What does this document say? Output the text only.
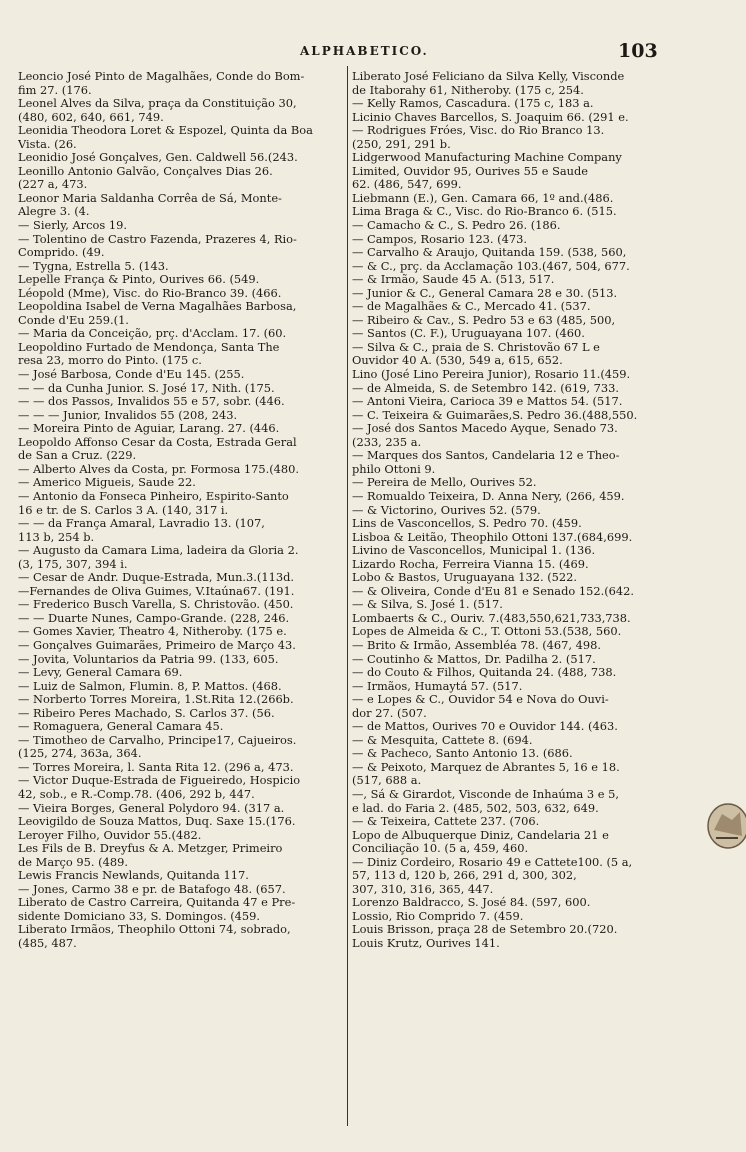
ALPHABETICO.	103
Leoncio José Pinto de Magalhães, Conde do Bom-
fim 27. (176.
Leonel Alves da Silva, praça da Constituição 30,
(480, 602, 640, 661, 749.
Leonidia Theodora Loret & Espozel, Quinta da Boa
Vista. (26.
Leonidio José Gonçalves, Gen. Caldwell 56.(243.
Leonillo Antonio Galvão, Conçalves Dias 26.
(227 a, 473.
Leonor Maria Saldanha Corrêa de Sá, Monte-
Alegre 3. (4.
— Sierly, Arcos 19.
— Tolentino de Castro Fazenda, Prazeres 4, Rio-
Comprido. (49.
— Tygna, Estrella 5. (143.
Lepelle França & Pinto, Ourives 66. (549.
Léopold (Mme), Visc. do Rio-Branco 39. (466.
Leopoldina Isabel de Verna Magalhães Barbosa,
Conde d'Eu 259.(1.
— Maria da Conceição, prç. d'Acclam. 17. (60.
Leopoldino Furtado de Mendonça, Santa The
resa 23, morro do Pinto. (175 c.
— José Barbosa, Conde d'Eu 145. (255.
— — da Cunha Junior. S. José 17, Nith. (175.
— — dos Passos, Invalidos 55 e 57, sobr. (446.
— — — Junior, Invalidos 55 (208, 243.
— Moreira Pinto de Aguiar, Larang. 27. (446.
Leopoldo Affonso Cesar da Costa, Estrada Geral
de San a Cruz. (229.
— Alberto Alves da Costa, pr. Formosa 175.(480.
— Americo Migueis, Saude 22.
— Antonio da Fonseca Pinheiro, Espirito-Santo
16 e tr. de S. Carlos 3 A. (140, 317 i.
— — da França Amaral, Lavradio 13. (107,
113 b, 254 b.
— Augusto da Camara Lima, ladeira da Gloria 2.
(3, 175, 307, 394 i.
— Cesar de Andr. Duque-Estrada, Mun.3.(113d.
—Fernandes de Oliva Guimes, V.Itaúna67. (191.
— Frederico Busch Varella, S. Christovão. (450.
— — Duarte Nunes, Campo-Grande. (228, 246.
— Gomes Xavier, Theatro 4, Nitheroby. (175 e.
— Gonçalves Guimarães, Primeiro de Março 43.
— Jovita, Voluntarios da Patria 99. (133, 605.
— Levy, General Camara 69.
— Luiz de Salmon, Flumin. 8, P. Mattos. (468.
— Norberto Torres Moreira, 1.St.Rita 12.(266b.
— Ribeiro Peres Machado, S. Carlos 37. (56.
— Romaguera, General Camara 45.
— Timotheo de Carvalho, Principe17, Cajueiros.
(125, 274, 363a, 364.
— Torres Moreira, l. Santa Rita 12. (296 a, 473.
— Victor Duque-Estrada de Figueiredo, Hospicio
42, sob., e R.-Comp.78. (406, 292 b, 447.
— Vieira Borges, General Polydoro 94. (317 a.
Leovigildo de Souza Mattos, Duq. Saxe 15.(176.
Leroyer Filho, Ouvidor 55.(482.
Les Fils de B. Dreyfus & A. Metzger, Primeiro
de Março 95. (489.
Lewis Francis Newlands, Quitanda 117.
— Jones, Carmo 38 e pr. de Batafogo 48. (657.
Liberato de Castro Carreira, Quitanda 47 e Pre-
sidente Domiciano 33, S. Domingos. (459.
Liberato Irmãos, Theophilo Ottoni 74, sobrado,
(485, 487.
Liberato José Feliciano da Silva Kelly, Visconde
de Itaborahy 61, Nitheroby. (175 c, 254.
— Kelly Ramos, Cascadura. (175 c, 183 a.
Licinio Chaves Barcellos, S. Joaquim 66. (291 e.
— Rodrigues Fróes, Visc. do Rio Branco 13.
(250, 291, 291 b.
Lidgerwood Manufacturing Machine Company
Limited, Ouvidor 95, Ourives 55 e Saude
62. (486, 547, 699.
Liebmann (E.), Gen. Camara 66, 1º and.(486.
Lima Braga & C., Visc. do Rio-Branco 6. (515.
— Camacho & C., S. Pedro 26. (186.
— Campos, Rosario 123. (473.
— Carvalho & Araujo, Quitanda 159. (538, 560,
— & C., prç. da Acclamação 103.(467, 504, 677.
— & Irmão, Saude 45 A. (513, 517.
— Junior & C., General Camara 28 e 30. (513.
— de Magalhães & C., Mercado 41. (537.
— Ribeiro & Cav., S. Pedro 53 e 63 (485, 500,
— Santos (C. F.), Uruguayana 107. (460.
— Silva & C., praia de S. Christovão 67 L e
Ouvidor 40 A. (530, 549 a, 615, 652.
Lino (José Lino Pereira Junior), Rosario 11.(459.
— de Almeida, S. de Setembro 142. (619, 733.
— Antoni Vieira, Carioca 39 e Mattos 54. (517.
— C. Teixeira & Guimarães,S. Pedro 36.(488,550.
— José dos Santos Macedo Ayque, Senado 73.
(233, 235 a.
— Marques dos Santos, Candelaria 12 e Theo-
philo Ottoni 9.
— Pereira de Mello, Ourives 52.
— Romualdo Teixeira, D. Anna Nery, (266, 459.
— & Victorino, Ourives 52. (579.
Lins de Vasconcellos, S. Pedro 70. (459.
Lisboa & Leitão, Theophilo Ottoni 137.(684,699.
Livino de Vasconcellos, Municipal 1. (136.
Lizardo Rocha, Ferreira Vianna 15. (469.
Lobo & Bastos, Uruguayana 132. (522.
— & Oliveira, Conde d'Eu 81 e Senado 152.(642.
— & Silva, S. José 1. (517.
Lombaerts & C., Ouriv. 7.(483,550,621,733,738.
Lopes de Almeida & C., T. Ottoni 53.(538, 560.
— Brito & Irmão, Assembléa 78. (467, 498.
— Coutinho & Mattos, Dr. Padilha 2. (517.
— do Couto & Filhos, Quitanda 24. (488, 738.
— Irmãos, Humaytá 57. (517.
— e Lopes & C., Ouvidor 54 e Nova do Ouvi-
dor 27. (507.
— de Mattos, Ourives 70 e Ouvidor 144. (463.
— & Mesquita, Cattete 8. (694.
— & Pacheco, Santo Antonio 13. (686.
— & Peixoto, Marquez de Abrantes 5, 16 e 18.
(517, 688 a.
—, Sá & Girardot, Visconde de Inhaúma 3 e 5,
e lad. do Faria 2. (485, 502, 503, 632, 649.
— & Teixeira, Cattete 237. (706.
Lopo de Albuquerque Diniz, Candelaria 21 e
Conciliação 10. (5 a, 459, 460.
— Diniz Cordeiro, Rosario 49 e Cattete100. (5 a,
57, 113 d, 120 b, 266, 291 d, 300, 302,
307, 310, 316, 365, 447.
Lorenzo Baldracco, S. José 84. (597, 600.
Lossio, Rio Comprido 7. (459.
Louis Brisson, praça 28 de Setembro 20.(720.
Louis Krutz, Ourives 141.
